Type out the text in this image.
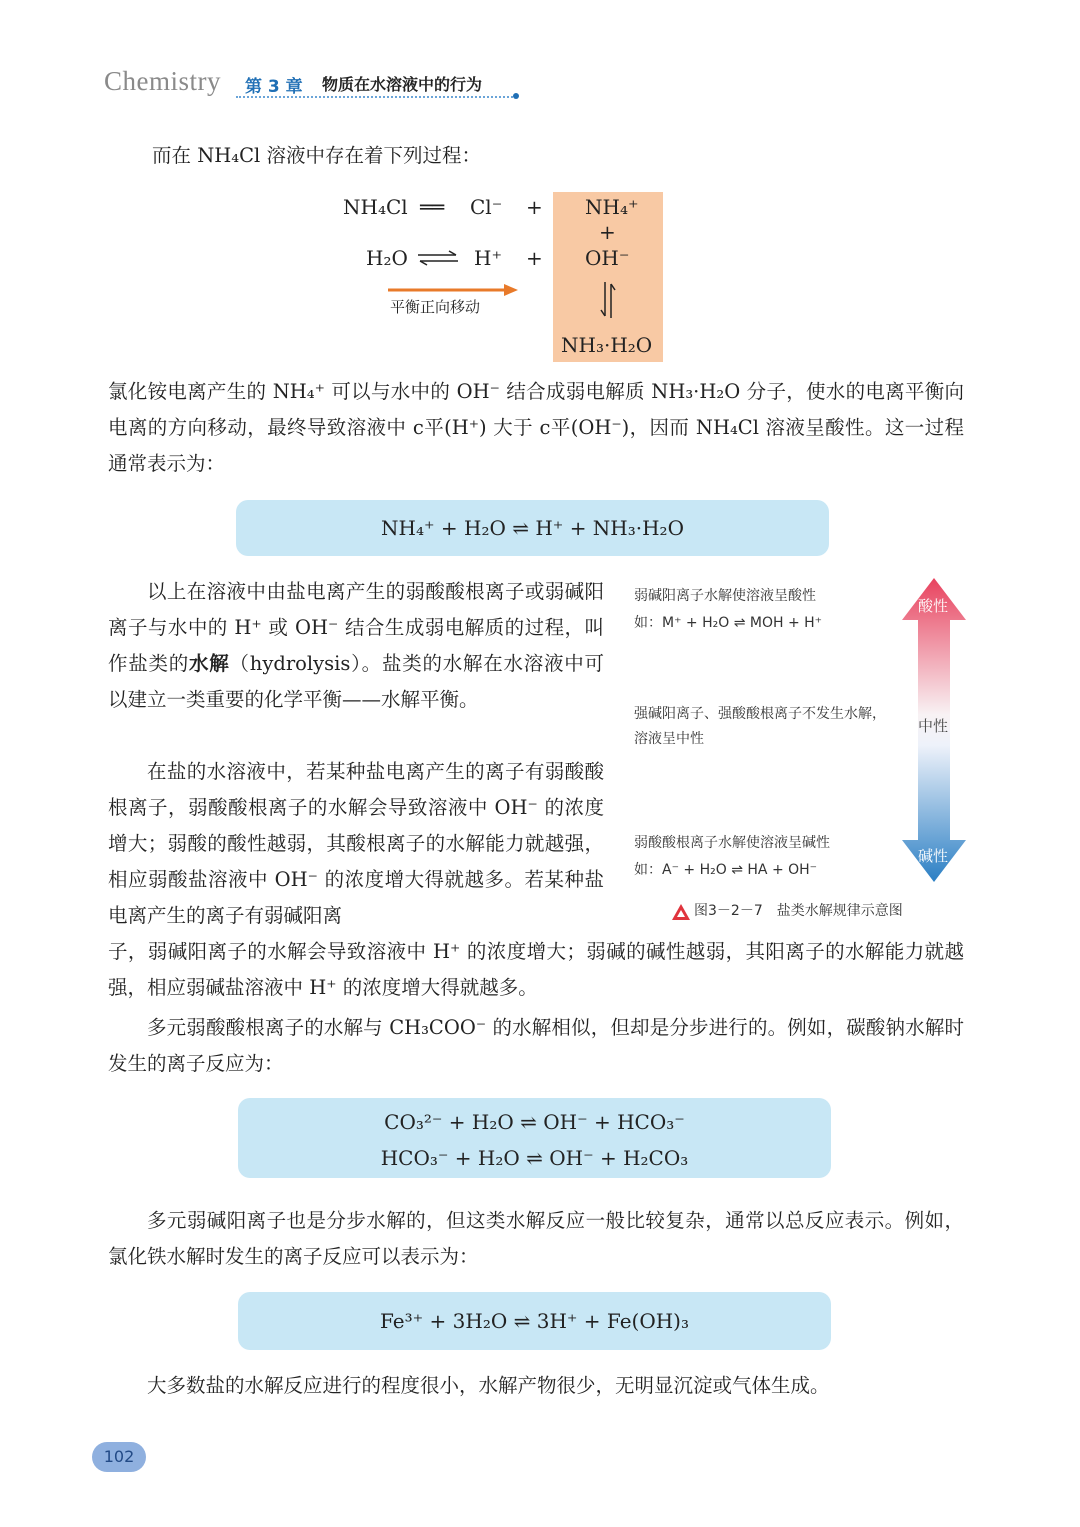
Chemistry 第 3 章 物质在水溶液中的行为
而在 NH₄Cl 溶液中存在着下列过程：
NH₄Cl ══ Cl⁻ + NH₄⁺
+
H₂O ⇌ H⁺ + OH⁻
平衡正向移动
NH₃·H₂O
氯化铵电离产生的 NH₄⁺ 可以与水中的 OH⁻ 结合成弱电解质 NH₃·H₂O 分子，使水的电离平衡向电离的方向移动，最终导致溶液中 c平(H⁺) 大于 c平(OH⁻)，因而 NH₄Cl 溶液呈酸性。这一过程通常表示为：
NH₄⁺ + H₂O ⇌ H⁺ + NH₃·H₂O
以上在溶液中由盐电离产生的弱酸酸根离子或弱碱阳离子与水中的 H⁺ 或 OH⁻ 结合生成弱电解质的过程，叫作盐类的水解（hydrolysis）。盐类的水解在水溶液中可以建立一类重要的化学平衡——水解平衡。
在盐的水溶液中，若某种盐电离产生的离子有弱酸酸根离子，弱酸酸根离子的水解会导致溶液中 OH⁻ 的浓度增大；弱酸的酸性越弱，其酸根离子的水解能力就越强，相应弱酸盐溶液中 OH⁻ 的浓度增大得就越多。若某种盐电离产生的离子有弱碱阳离
子，弱碱阳离子的水解会导致溶液中 H⁺ 的浓度增大；弱碱的碱性越弱，其阳离子的水解能力就越强，相应弱碱盐溶液中 H⁺ 的浓度增大得就越多。
酸性
中性
碱性
弱碱阳离子水解使溶液呈酸性
如：M⁺ + H₂O ⇌ MOH + H⁺
强碱阳离子、强酸酸根离子不发生水解，溶液呈中性
弱酸酸根离子水解使溶液呈碱性
如：A⁻ + H₂O ⇌ HA + OH⁻
图3－2－7　盐类水解规律示意图
多元弱酸酸根离子的水解与 CH₃COO⁻ 的水解相似，但却是分步进行的。例如，碳酸钠水解时发生的离子反应为：
CO₃²⁻ + H₂O ⇌ OH⁻ + HCO₃⁻
HCO₃⁻ + H₂O ⇌ OH⁻ + H₂CO₃
多元弱碱阳离子也是分步水解的，但这类水解反应一般比较复杂，通常以总反应表示。例如，氯化铁水解时发生的离子反应可以表示为：
Fe³⁺ + 3H₂O ⇌ 3H⁺ + Fe(OH)₃
大多数盐的水解反应进行的程度很小，水解产物很少，无明显沉淀或气体生成。
102
